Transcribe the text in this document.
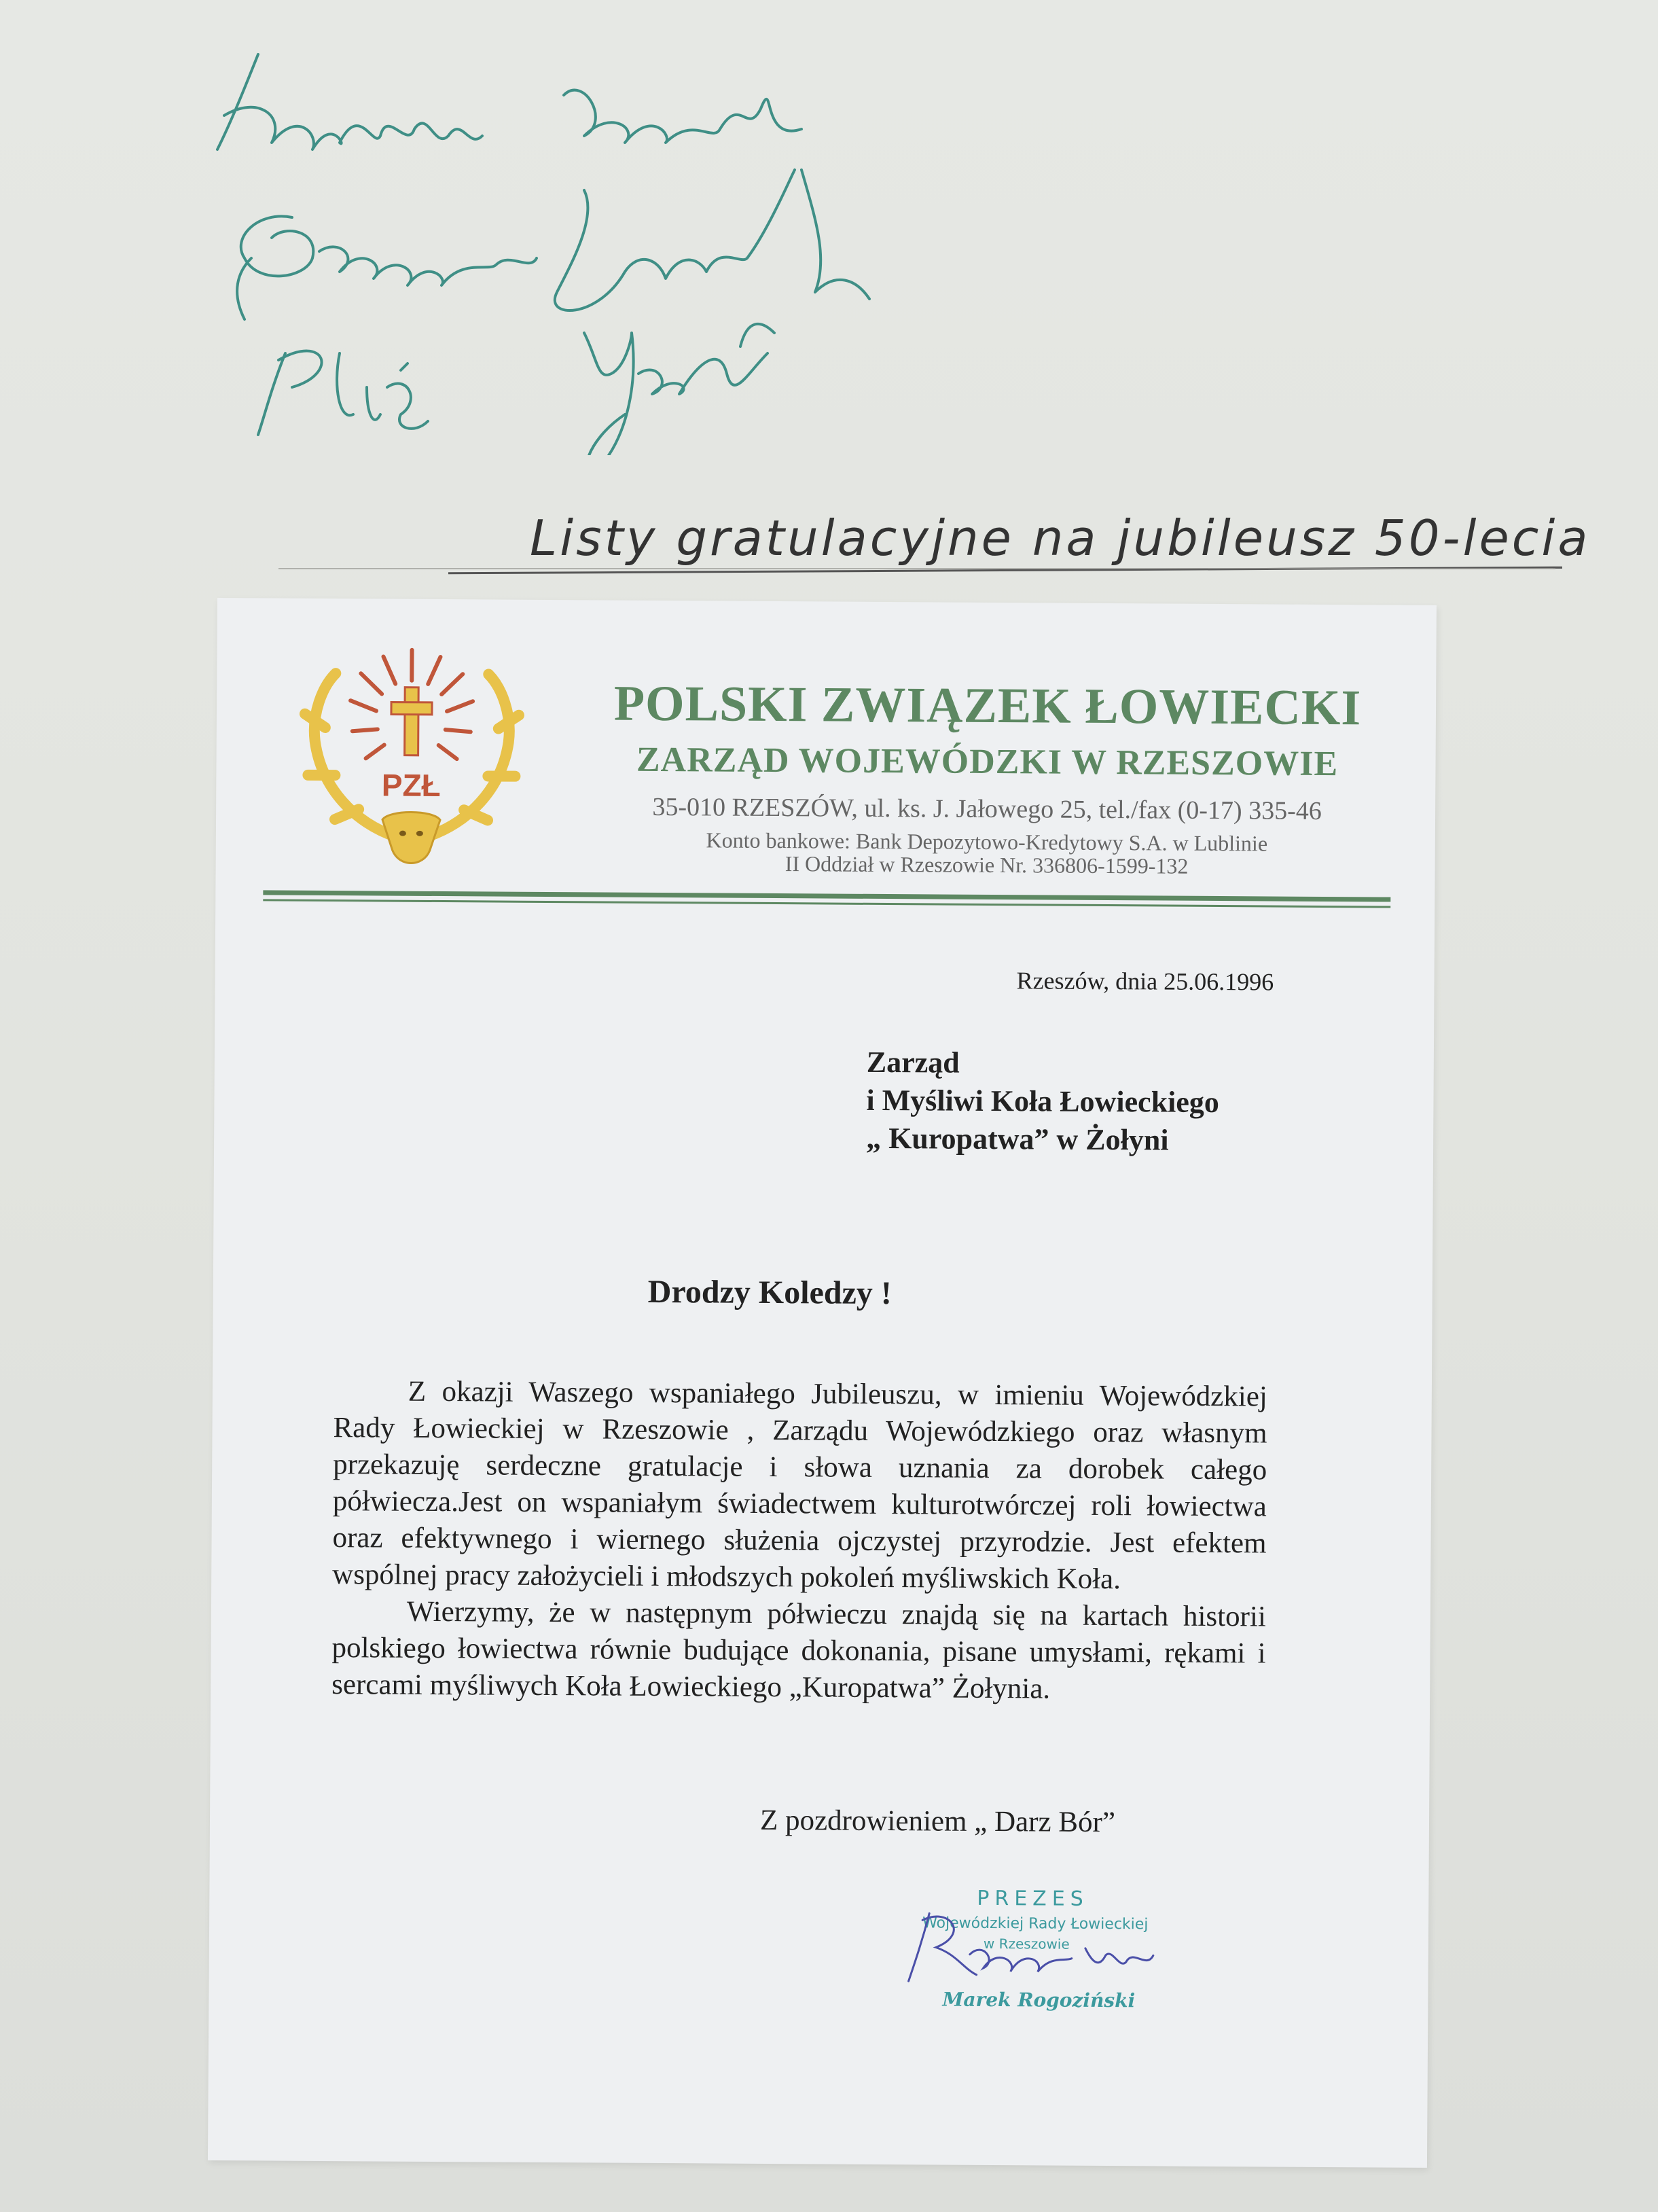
Listy gratulacyjne na jubileusz 50-lecia
PZŁ
POLSKI ZWIĄZEK ŁOWIECKI
ZARZĄD WOJEWÓDZKI W RZESZOWIE
35-010 RZESZÓW, ul. ks. J. Jałowego 25, tel./fax (0-17) 335-46
Konto bankowe: Bank Depozytowo-Kredytowy S.A. w Lublinie
II Oddział w Rzeszowie Nr. 336806-1599-132
Rzeszów, dnia 25.06.1996
Zarząd
i Myśliwi Koła Łowieckiego
„ Kuropatwa” w Żołyni
Drodzy Koledzy !

Z okazji Waszego wspaniałego Jubileuszu, w imieniu Wojewódzkiej Rady Łowieckiej w Rzeszowie , Zarządu Wojewódzkiego oraz własnym przekazuję serdeczne gratulacje i słowa uznania za dorobek całego półwiecza.Jest on wspaniałym świadectwem kulturotwórczej roli łowiectwa oraz efektywnego i wiernego służenia ojczystej przyrodzie. Jest efektem wspólnej pracy założycieli i młodszych pokoleń myśliwskich Koła.

Wierzymy, że w następnym półwieczu znajdą się na kartach historii polskiego łowiectwa równie budujące dokonania, pisane umysłami, rękami i sercami myśliwych Koła Łowieckiego „Kuropatwa” Żołynia.

Z pozdrowieniem „ Darz Bór”
PREZES
Wojewódzkiej Rady Łowieckiej
w Rzeszowie
Marek Rogoziński
